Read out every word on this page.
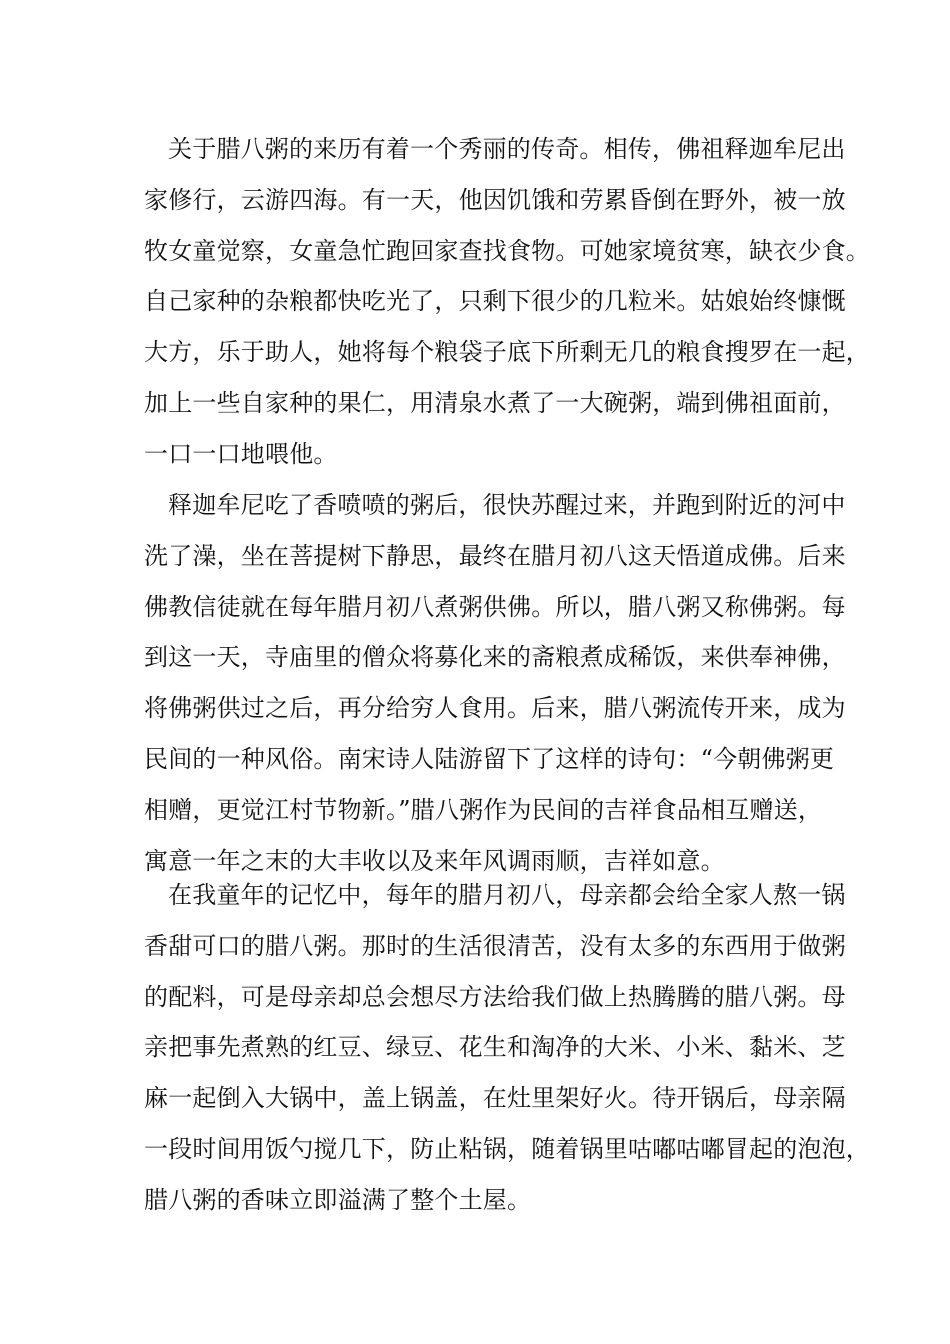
关于腊八粥的来历有着一个秀丽的传奇。相传，佛祖释迦牟尼出
家修行，云游四海。有一天，他因饥饿和劳累昏倒在野外，被一放
牧女童觉察，女童急忙跑回家查找食物。可她家境贫寒，缺衣少食。
自己家种的杂粮都快吃光了，只剩下很少的几粒米。姑娘始终慷慨
大方，乐于助人，她将每个粮袋子底下所剩无几的粮食搜罗在一起，
加上一些自家种的果仁，用清泉水煮了一大碗粥，端到佛祖面前，
一口一口地喂他。
释迦牟尼吃了香喷喷的粥后，很快苏醒过来，并跑到附近的河中
洗了澡，坐在菩提树下静思，最终在腊月初八这天悟道成佛。后来
佛教信徒就在每年腊月初八煮粥供佛。所以，腊八粥又称佛粥。每
到这一天，寺庙里的僧众将募化来的斋粮煮成稀饭，来供奉神佛，
将佛粥供过之后，再分给穷人食用。后来，腊八粥流传开来，成为
民间的一种风俗。南宋诗人陆游留下了这样的诗句：“今朝佛粥更
相赠，更觉江村节物新。”腊八粥作为民间的吉祥食品相互赠送，
寓意一年之末的大丰收以及来年风调雨顺，吉祥如意。
在我童年的记忆中，每年的腊月初八，母亲都会给全家人熬一锅
香甜可口的腊八粥。那时的生活很清苦，没有太多的东西用于做粥
的配料，可是母亲却总会想尽方法给我们做上热腾腾的腊八粥。母
亲把事先煮熟的红豆、绿豆、花生和淘净的大米、小米、黏米、芝
麻一起倒入大锅中，盖上锅盖，在灶里架好火。待开锅后，母亲隔
一段时间用饭勺搅几下，防止粘锅，随着锅里咕嘟咕嘟冒起的泡泡，
腊八粥的香味立即溢满了整个土屋。
